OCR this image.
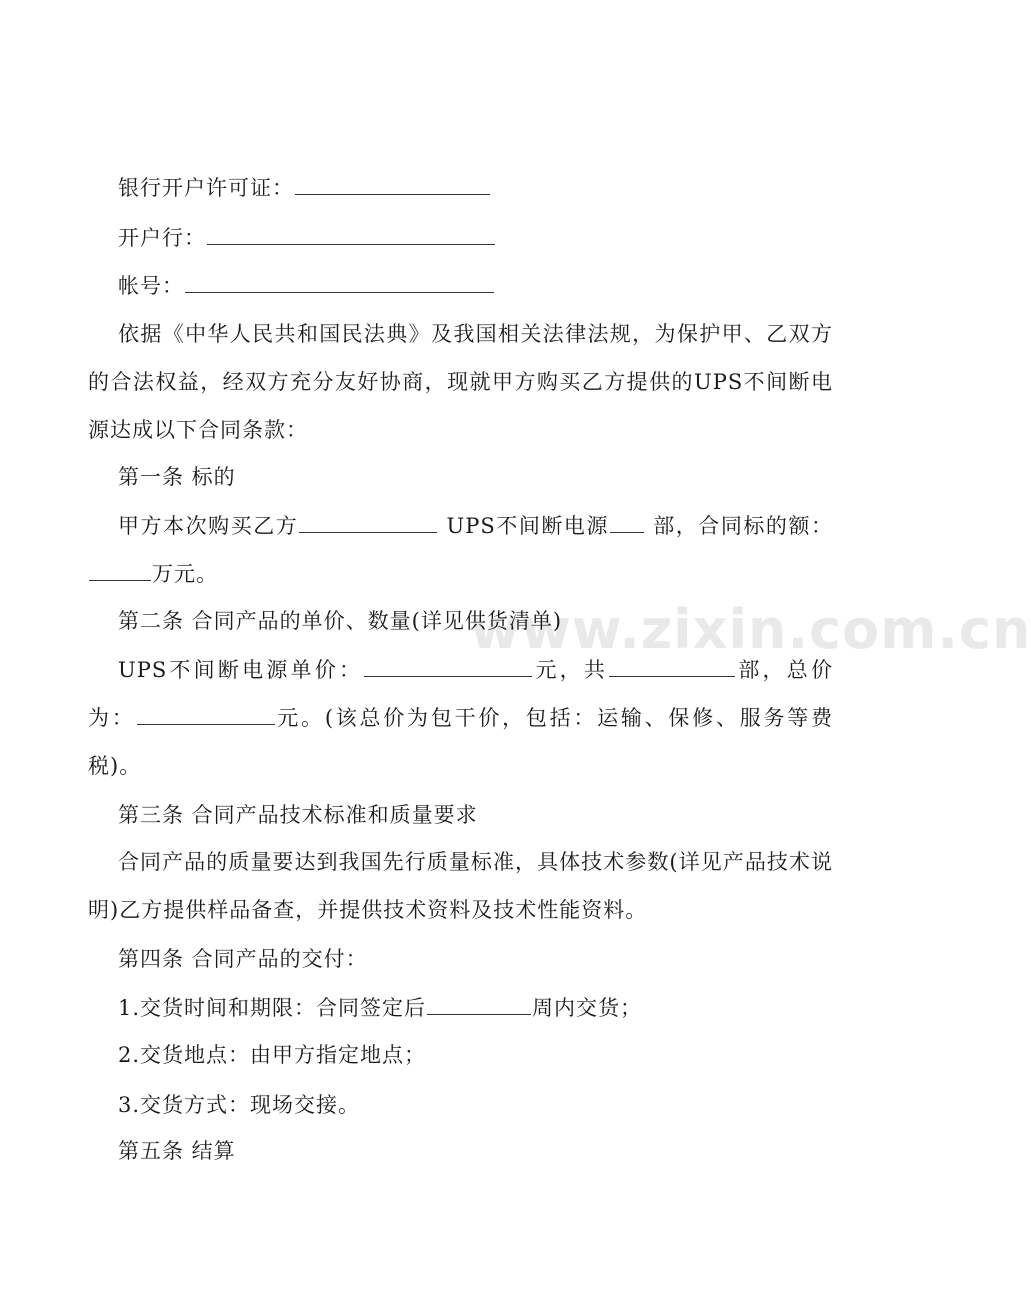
www.zixin.com.cn
银行开户许可证：
开户行：
帐号：
依据《中华人民共和国民法典》及我国相关法律法规，为保护甲、乙双方的合法权益，经双方充分友好协商，现就甲方购买乙方提供的UPS不间断电源达成以下合同条款：
第一条 标的
甲方本次购买乙方	UPS不间断电源 部，合同标的额：万元。
第二条 合同产品的单价、数量(详见供货清单)
UPS不间断电源单价：	元，共	部，总价为：	元。(该总价为包干价，包括：运输、保修、服务等费税)。
第三条 合同产品技术标准和质量要求
合同产品的质量要达到我国先行质量标准，具体技术参数(详见产品技术说明)乙方提供样品备查，并提供技术资料及技术性能资料。
第四条 合同产品的交付：
1.交货时间和期限：合同签定后	周内交货；
2.交货地点：由甲方指定地点；
3.交货方式：现场交接。
第五条 结算
